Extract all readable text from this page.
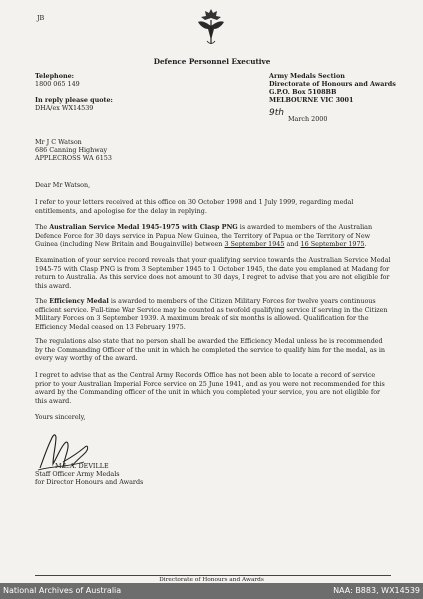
JB

Defence Personnel Executive

Telephone:

1800 065 149

In reply please quote:

DHA/ex WX14539

Army Medals Section

Directorate of Honours and Awards

G.P.O. Box 5108BB

MELBOURNE VIC 3001

9th

March 2000

Mr J C Watson

686 Canning Highway

APPLECROSS WA 6153

Dear Mr Watson,

I refer to your letters received at this office on 30 October 1998 and 1 July 1999, regarding medal entitlements, and apologise for the delay in replying.

The Australian Service Medal 1945-1975 with Clasp PNG is awarded to members of the Australian Defence Force for 30 days service in Papua New Guinea, the Territory of Papua or the Territory of New Guinea (including New Britain and Bougainville) between 3 September 1945 and 16 September 1975.

Examination of your service record reveals that your qualifying service towards the Australian Service Medal 1945-75 with Clasp PNG is from 3 September 1945 to 1 October 1945, the date you emplaned at Madang for return to Australia. As this service does not amount to 30 days, I regret to advise that you are not eligible for this award.

The Efficiency Medal is awarded to members of the Citizen Military Forces for twelve years continuous efficient service. Full-time War Service may be counted as twofold qualifying service if serving in the Citizen Military Forces on 3 September 1939. A maximum break of six months is allowed. Qualification for the Efficiency Medal ceased on 13 February 1975.

The regulations also state that no person shall be awarded the Efficiency Medal unless he is recommended by the Commanding Officer of the unit in which he completed the service to qualify him for the medal, as in every way worthy of the award.

I regret to advise that as the Central Army Records Office has not been able to locate a record of service prior to your Australian Imperial Force service on 25 June 1941, and as you were not recommended for this award by the Commanding officer of the unit in which you completed your service, you are not eligible for this award.

Yours sincerely,

M.L.A. DEVILLE

Staff Officer Army Medals

for Director Honours and Awards

Directorate of Honours and Awards

National Archives of Australia	NAA: B883, WX14539
